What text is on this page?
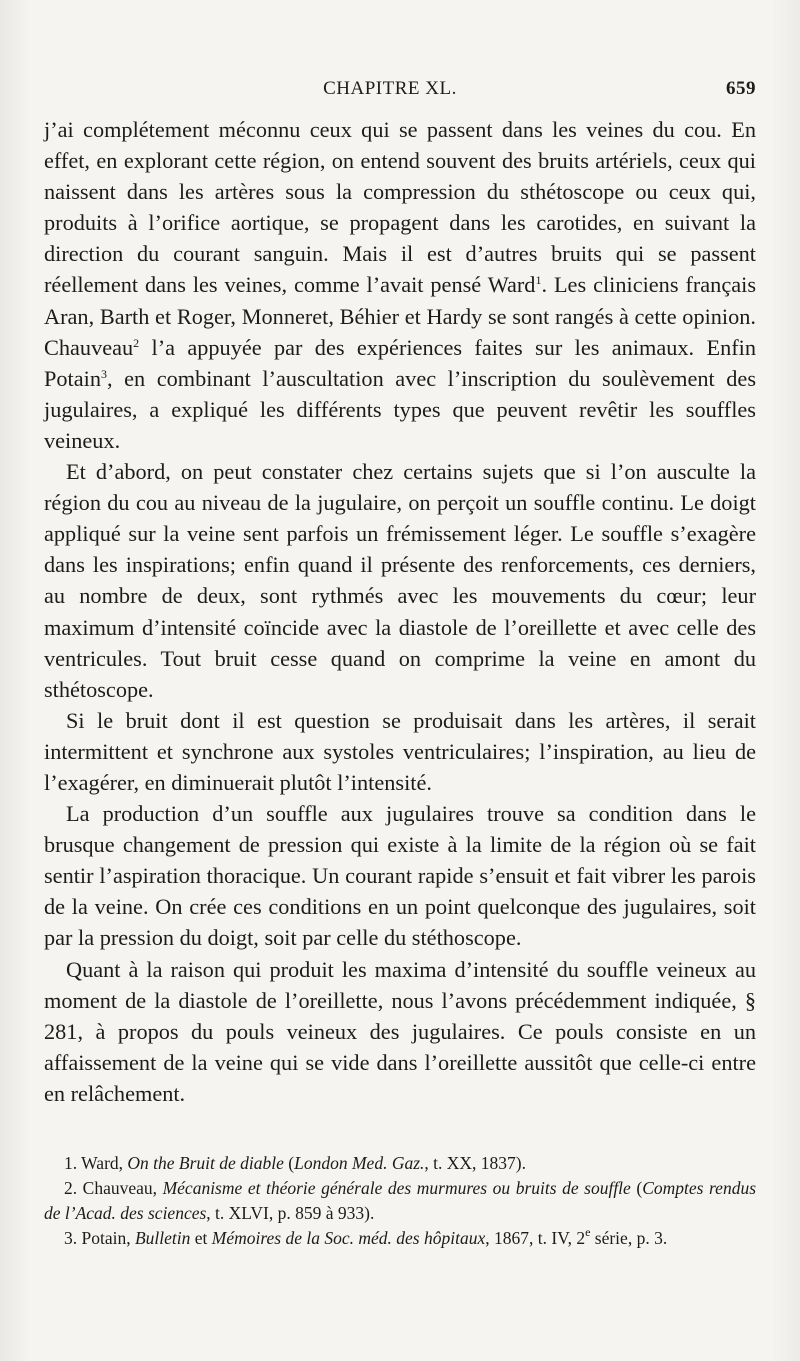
CHAPITRE XL.	659

j’ai complétement méconnu ceux qui se passent dans les veines du cou. En effet, en explorant cette région, on entend souvent des bruits artériels, ceux qui naissent dans les artères sous la compression du sthétoscope ou ceux qui, produits à l’orifice aortique, se propagent dans les carotides, en suivant la direction du courant sanguin. Mais il est d’autres bruits qui se passent réellement dans les veines, comme l’avait pensé Ward$^1$. Les cliniciens français Aran, Barth et Roger, Monneret, Béhier et Hardy se sont rangés à cette opinion. Chauveau$^2$ l’a appuyée par des expériences faites sur les animaux. Enfin Potain$^3$, en combinant l’auscultation avec l’inscription du soulèvement des jugulaires, a expliqué les différents types que peuvent revêtir les souffles veineux.

Et d’abord, on peut constater chez certains sujets que si l’on ausculte la région du cou au niveau de la jugulaire, on perçoit un souffle continu. Le doigt appliqué sur la veine sent parfois un frémissement léger. Le souffle s’exagère dans les inspirations; enfin quand il présente des renforcements, ces derniers, au nombre de deux, sont rythmés avec les mouvements du cœur; leur maximum d’intensité coïncide avec la diastole de l’oreillette et avec celle des ventricules. Tout bruit cesse quand on comprime la veine en amont du sthétoscope.

Si le bruit dont il est question se produisait dans les artères, il serait intermittent et synchrone aux systoles ventriculaires; l’inspiration, au lieu de l’exagérer, en diminuerait plutôt l’intensité.

La production d’un souffle aux jugulaires trouve sa condition dans le brusque changement de pression qui existe à la limite de la région où se fait sentir l’aspiration thoracique. Un courant rapide s’ensuit et fait vibrer les parois de la veine. On crée ces conditions en un point quelconque des jugulaires, soit par la pression du doigt, soit par celle du stéthoscope.

Quant à la raison qui produit les maxima d’intensité du souffle veineux au moment de la diastole de l’oreillette, nous l’avons précédemment indiquée, § 281, à propos du pouls veineux des jugulaires. Ce pouls consiste en un affaissement de la veine qui se vide dans l’oreillette aussitôt que celle-ci entre en relâchement.

1. Ward, On the Bruit de diable (London Med. Gaz., t. XX, 1837).
2. Chauveau, Mécanisme et théorie générale des murmures ou bruits de souffle (Comptes rendus de l’Acad. des sciences, t. XLVI, p. 859 à 933).
3. Potain, Bulletin et Mémoires de la Soc. méd. des hôpitaux, 1867, t. IV, 2e série, p. 3.
